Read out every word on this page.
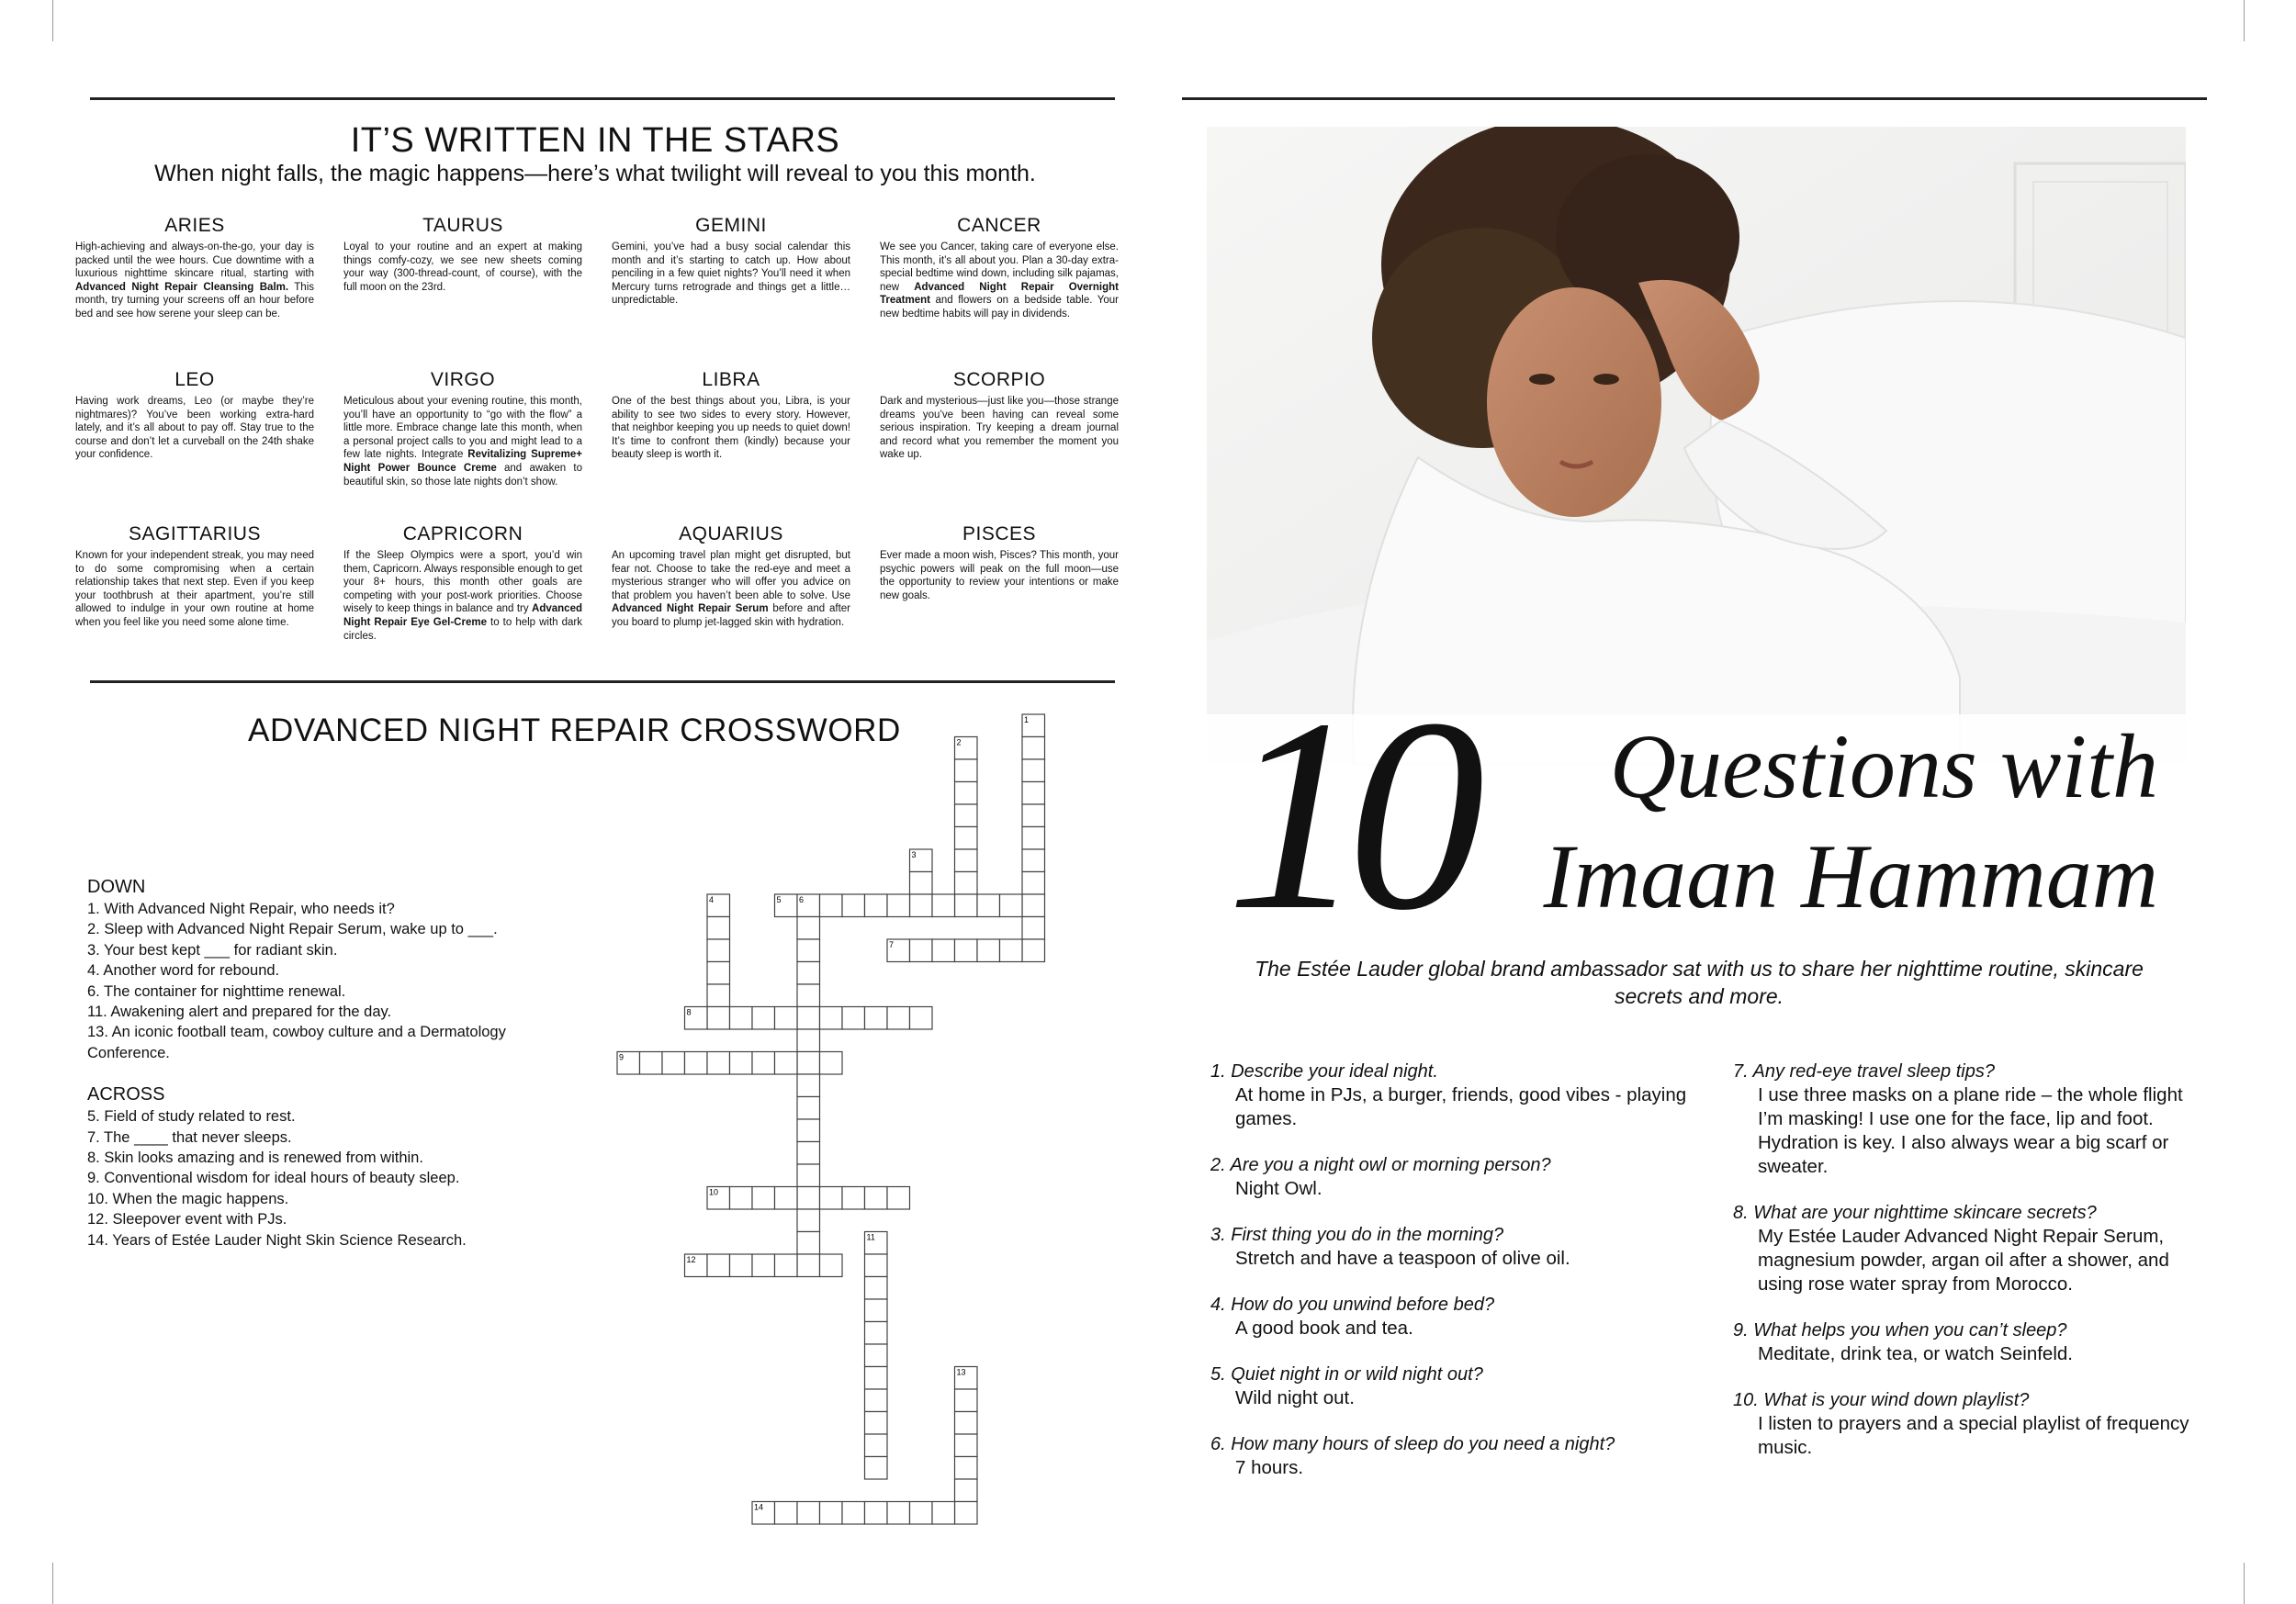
IT’S WRITTEN IN THE STARS
When night falls, the magic happens—here’s what twilight will reveal to you this month.
ARIES

High-achieving and always-on-the-go, your day is packed until the wee hours. Cue downtime with a luxurious nighttime skincare ritual, starting with Advanced Night Repair Cleansing Balm. This month, try turning your screens off an hour before bed and see how serene your sleep can be.

TAURUS

Loyal to your routine and an expert at making things comfy-cozy, we see new sheets coming your way (300-thread-count, of course), with the full moon on the 23rd.

GEMINI

Gemini, you’ve had a busy social calendar this month and it’s starting to catch up. How about penciling in a few quiet nights? You’ll need it when Mercury turns retrograde and things get a little…unpredictable.

CANCER

We see you Cancer, taking care of everyone else. This month, it’s all about you. Plan a 30-day extra-special bedtime wind down, including silk pajamas, new Advanced Night Repair Overnight Treatment and flowers on a bedside table. Your new bedtime habits will pay in dividends.

LEO

Having work dreams, Leo (or maybe they’re nightmares)? You’ve been working extra-hard lately, and it’s all about to pay off. Stay true to the course and don’t let a curveball on the 24th shake your confidence.

VIRGO

Meticulous about your evening routine, this month, you’ll have an opportunity to “go with the flow” a little more. Embrace change late this month, when a personal project calls to you and might lead to a few late nights. Integrate Revitalizing Supreme+ Night Power Bounce Creme and awaken to beautiful skin, so those late nights don’t show.

LIBRA

One of the best things about you, Libra, is your ability to see two sides to every story. However, that neighbor keeping you up needs to quiet down! It’s time to confront them (kindly) because your beauty sleep is worth it.

SCORPIO

Dark and mysterious—just like you—those strange dreams you’ve been having can reveal some serious inspiration. Try keeping a dream journal and record what you remember the moment you wake up.

SAGITTARIUS

Known for your independent streak, you may need to do some compromising when a certain relationship takes that next step. Even if you keep your toothbrush at their apartment, you’re still allowed to indulge in your own routine at home when you feel like you need some alone time.

CAPRICORN

If the Sleep Olympics were a sport, you’d win them, Capricorn. Always responsible enough to get your 8+ hours, this month other goals are competing with your post-work priorities. Choose wisely to keep things in balance and try Advanced Night Repair Eye Gel-Creme to to help with dark circles.

AQUARIUS

An upcoming travel plan might get disrupted, but fear not. Choose to take the red-eye and meet a mysterious stranger who will offer you advice on that problem you haven’t been able to solve. Use Advanced Night Repair Serum before and after you board to plump jet-lagged skin with hydration.

PISCES

Ever made a moon wish, Pisces? This month, your psychic powers will peak on the full moon—use the opportunity to review your intentions or make new goals.

ADVANCED NIGHT REPAIR CROSSWORD
DOWN
1. With Advanced Night Repair, who needs it?
2. Sleep with Advanced Night Repair Serum, wake up to ___.
3. Your best kept ___ for radiant skin.
4. Another word for rebound.
6. The container for nighttime renewal.
11. Awakening alert and prepared for the day.
13. An iconic football team, cowboy culture and a Dermatology Conference.
ACROSS
5. Field of study related to rest.
7. The ____ that never sleeps.
8. Skin looks amazing and is renewed from within.
9. Conventional wisdom for ideal hours of beauty sleep.
10. When the magic happens.
12. Sleepover event with PJs.
14. Years of Estée Lauder Night Skin Science Research.
1
2
3
4	5 6
7
8
9
10
11
12
13
14
10	Questions with
Imaan Hammam
The Estée Lauder global brand ambassador sat with us to share her nighttime routine, skincare secrets and more.
1. Describe your ideal night.
At home in PJs, a burger, friends, good vibes - playing games.
2. Are you a night owl or morning person?
Night Owl.
3. First thing you do in the morning?
Stretch and have a teaspoon of olive oil.
4. How do you unwind before bed?
A good book and tea.
5. Quiet night in or wild night out?
Wild night out.
6. How many hours of sleep do you need a night?
7 hours.
7. Any red-eye travel sleep tips?
I use three masks on a plane ride – the whole flight I’m masking! I use one for the face, lip and foot. Hydration is key. I also always wear a big scarf or sweater.
8. What are your nighttime skincare secrets?
My Estée Lauder Advanced Night Repair Serum, magnesium powder, argan oil after a shower, and using rose water spray from Morocco.
9. What helps you when you can’t sleep?
Meditate, drink tea, or watch Seinfeld.
10. What is your wind down playlist?
I listen to prayers and a special playlist of frequency music.
